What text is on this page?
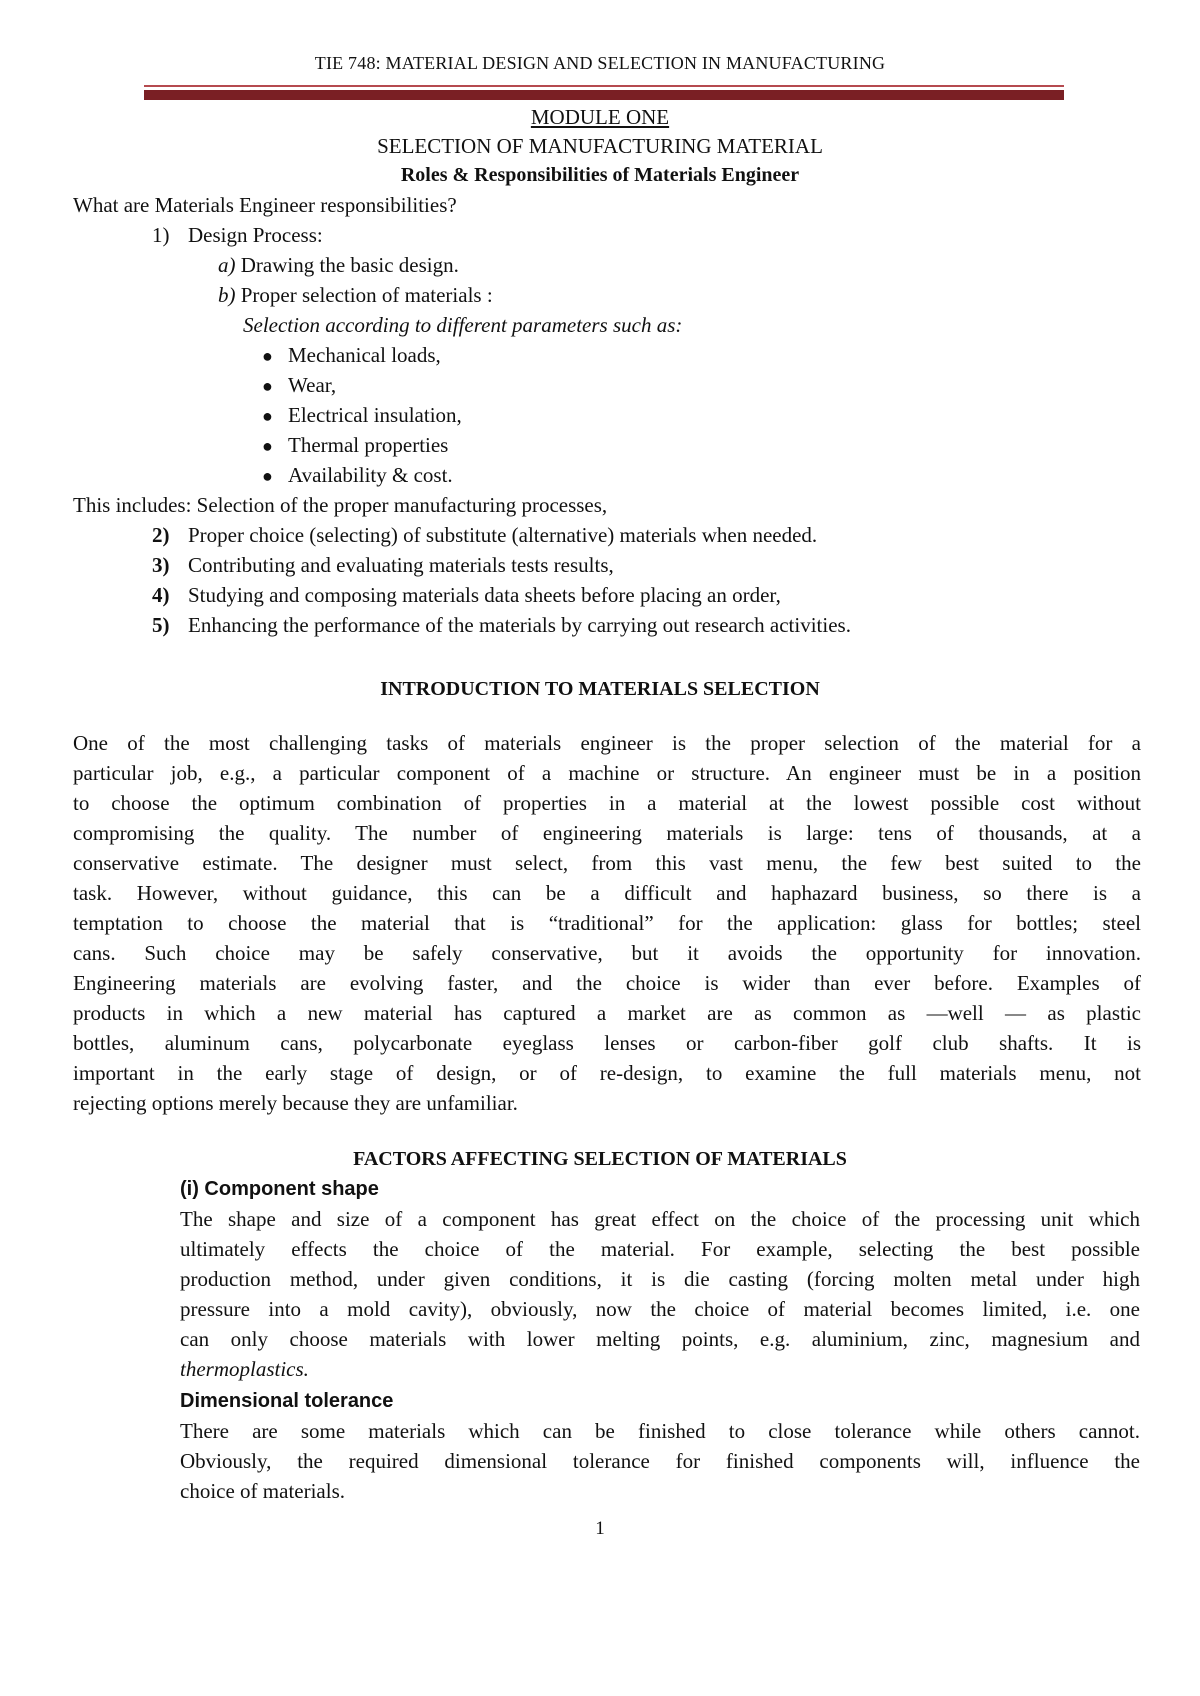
TIE 748: MATERIAL DESIGN AND SELECTION IN MANUFACTURING
MODULE ONE
SELECTION OF MANUFACTURING MATERIAL
Roles & Responsibilities of Materials Engineer
What are Materials Engineer responsibilities?
1) Design Process:
a) Drawing the basic design.
b) Proper selection of materials :
Selection according to different parameters such as:
● Mechanical loads,
● Wear,
● Electrical insulation,
● Thermal properties
● Availability & cost.
This includes: Selection of the proper manufacturing processes,
2) Proper choice (selecting) of substitute (alternative) materials when needed.
3) Contributing and evaluating materials tests results,
4) Studying and composing materials data sheets before placing an order,
5) Enhancing the performance of the materials by carrying out research activities.
INTRODUCTION TO MATERIALS SELECTION
One of the most challenging tasks of materials engineer is the proper selection of the material for a
particular job, e.g., a particular component of a machine or structure. An engineer must be in a position
to choose the optimum combination of properties in a material at the lowest possible cost without
compromising the quality. The number of engineering materials is large: tens of thousands, at a
conservative estimate. The designer must select, from this vast menu, the few best suited to the
task. However, without guidance, this can be a difficult and haphazard business, so there is a
temptation to choose the material that is “traditional” for the application: glass for bottles; steel
cans. Such choice may be safely conservative, but it avoids the opportunity for innovation.
Engineering materials are evolving faster, and the choice is wider than ever before. Examples of
products in which a new material has captured a market are as common as —well — as plastic
bottles, aluminum cans, polycarbonate eyeglass lenses or carbon-fiber golf club shafts. It is
important in the early stage of design, or of re-design, to examine the full materials menu, not
rejecting options merely because they are unfamiliar.
FACTORS AFFECTING SELECTION OF MATERIALS
(i) Component shape
The shape and size of a component has great effect on the choice of the processing unit which
ultimately effects the choice of the material. For example, selecting the best possible
production method, under given conditions, it is die casting (forcing molten metal under high
pressure into a mold cavity), obviously, now the choice of material becomes limited, i.e. one
can only choose materials with lower melting points, e.g. aluminium, zinc, magnesium and
thermoplastics.
Dimensional tolerance
There are some materials which can be finished to close tolerance while others cannot.
Obviously, the required dimensional tolerance for finished components will, influence the
choice of materials.
1
